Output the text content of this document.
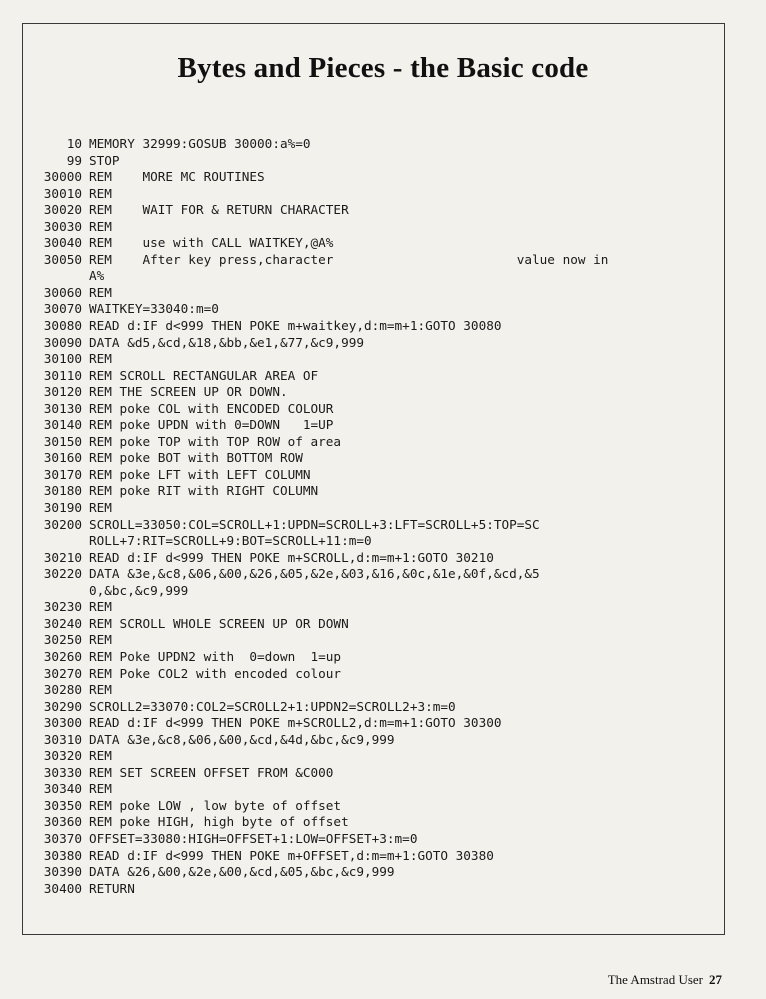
Bytes and Pieces - the Basic code
10 MEMORY 32999:GOSUB 30000:a%=0
99 STOP
30000 REM    MORE MC ROUTINES
30010 REM
30020 REM    WAIT FOR & RETURN CHARACTER
30030 REM
30040 REM    use with CALL WAITKEY,@A%
30050 REM    After key press,character                        value now in
A%
30060 REM
30070 WAITKEY=33040:m=0
30080 READ d:IF d<999 THEN POKE m+waitkey,d:m=m+1:GOTO 30080
30090 DATA &d5,&cd,&18,&bb,&e1,&77,&c9,999
30100 REM
30110 REM SCROLL RECTANGULAR AREA OF
30120 REM THE SCREEN UP OR DOWN.
30130 REM poke COL with ENCODED COLOUR
30140 REM poke UPDN with 0=DOWN   1=UP
30150 REM poke TOP with TOP ROW of area
30160 REM poke BOT with BOTTOM ROW
30170 REM poke LFT with LEFT COLUMN
30180 REM poke RIT with RIGHT COLUMN
30190 REM
30200 SCROLL=33050:COL=SCROLL+1:UPDN=SCROLL+3:LFT=SCROLL+5:TOP=SC
ROLL+7:RIT=SCROLL+9:BOT=SCROLL+11:m=0
30210 READ d:IF d<999 THEN POKE m+SCROLL,d:m=m+1:GOTO 30210
30220 DATA &3e,&c8,&06,&00,&26,&05,&2e,&03,&16,&0c,&1e,&0f,&cd,&5
0,&bc,&c9,999
30230 REM
30240 REM SCROLL WHOLE SCREEN UP OR DOWN
30250 REM
30260 REM Poke UPDN2 with  0=down  1=up
30270 REM Poke COL2 with encoded colour
30280 REM
30290 SCROLL2=33070:COL2=SCROLL2+1:UPDN2=SCROLL2+3:m=0
30300 READ d:IF d<999 THEN POKE m+SCROLL2,d:m=m+1:GOTO 30300
30310 DATA &3e,&c8,&06,&00,&cd,&4d,&bc,&c9,999
30320 REM
30330 REM SET SCREEN OFFSET FROM &C000
30340 REM
30350 REM poke LOW , low byte of offset
30360 REM poke HIGH, high byte of offset
30370 OFFSET=33080:HIGH=OFFSET+1:LOW=OFFSET+3:m=0
30380 READ d:IF d<999 THEN POKE m+OFFSET,d:m=m+1:GOTO 30380
30390 DATA &26,&00,&2e,&00,&cd,&05,&bc,&c9,999
30400 RETURN
The Amstrad User 27
